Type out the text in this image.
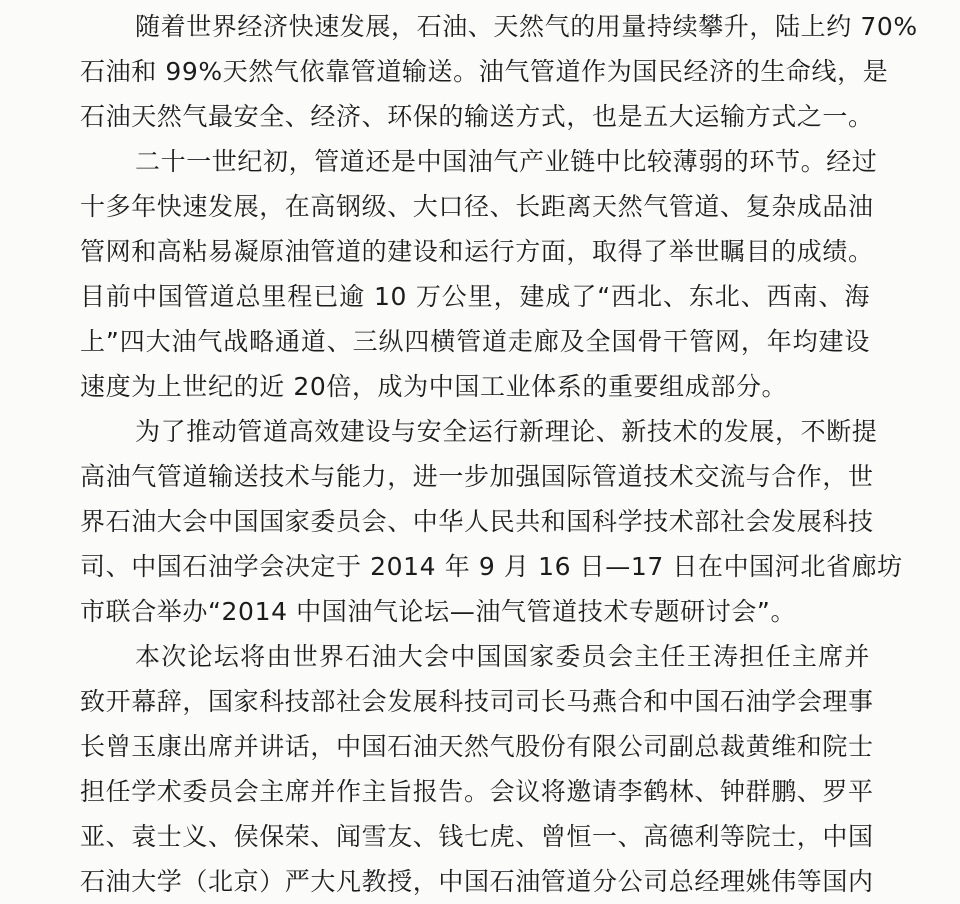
随着世界经济快速发展，石油、天然气的用量持续攀升，陆上约 70%
石油和 99%天然气依靠管道输送。油气管道作为国民经济的生命线，是
石油天然气最安全、经济、环保的输送方式，也是五大运输方式之一。
二十一世纪初，管道还是中国油气产业链中比较薄弱的环节。经过
十多年快速发展，在高钢级、大口径、长距离天然气管道、复杂成品油
管网和高粘易凝原油管道的建设和运行方面，取得了举世瞩目的成绩。
目前中国管道总里程已逾 10 万公里，建成了“西北、东北、西南、海
上”四大油气战略通道、三纵四横管道走廊及全国骨干管网，年均建设
速度为上世纪的近 20倍，成为中国工业体系的重要组成部分。
为了推动管道高效建设与安全运行新理论、新技术的发展，不断提
高油气管道输送技术与能力，进一步加强国际管道技术交流与合作，世
界石油大会中国国家委员会、中华人民共和国科学技术部社会发展科技
司、中国石油学会决定于 2014 年 9 月 16 日—17 日在中国河北省廊坊
市联合举办“2014 中国油气论坛—油气管道技术专题研讨会”。
本次论坛将由世界石油大会中国国家委员会主任王涛担任主席并
致开幕辞，国家科技部社会发展科技司司长马燕合和中国石油学会理事
长曾玉康出席并讲话，中国石油天然气股份有限公司副总裁黄维和院士
担任学术委员会主席并作主旨报告。会议将邀请李鹤林、钟群鹏、罗平
亚、袁士义、侯保荣、闻雪友、钱七虎、曾恒一、高德利等院士，中国
石油大学（北京）严大凡教授，中国石油管道分公司总经理姚伟等国内
